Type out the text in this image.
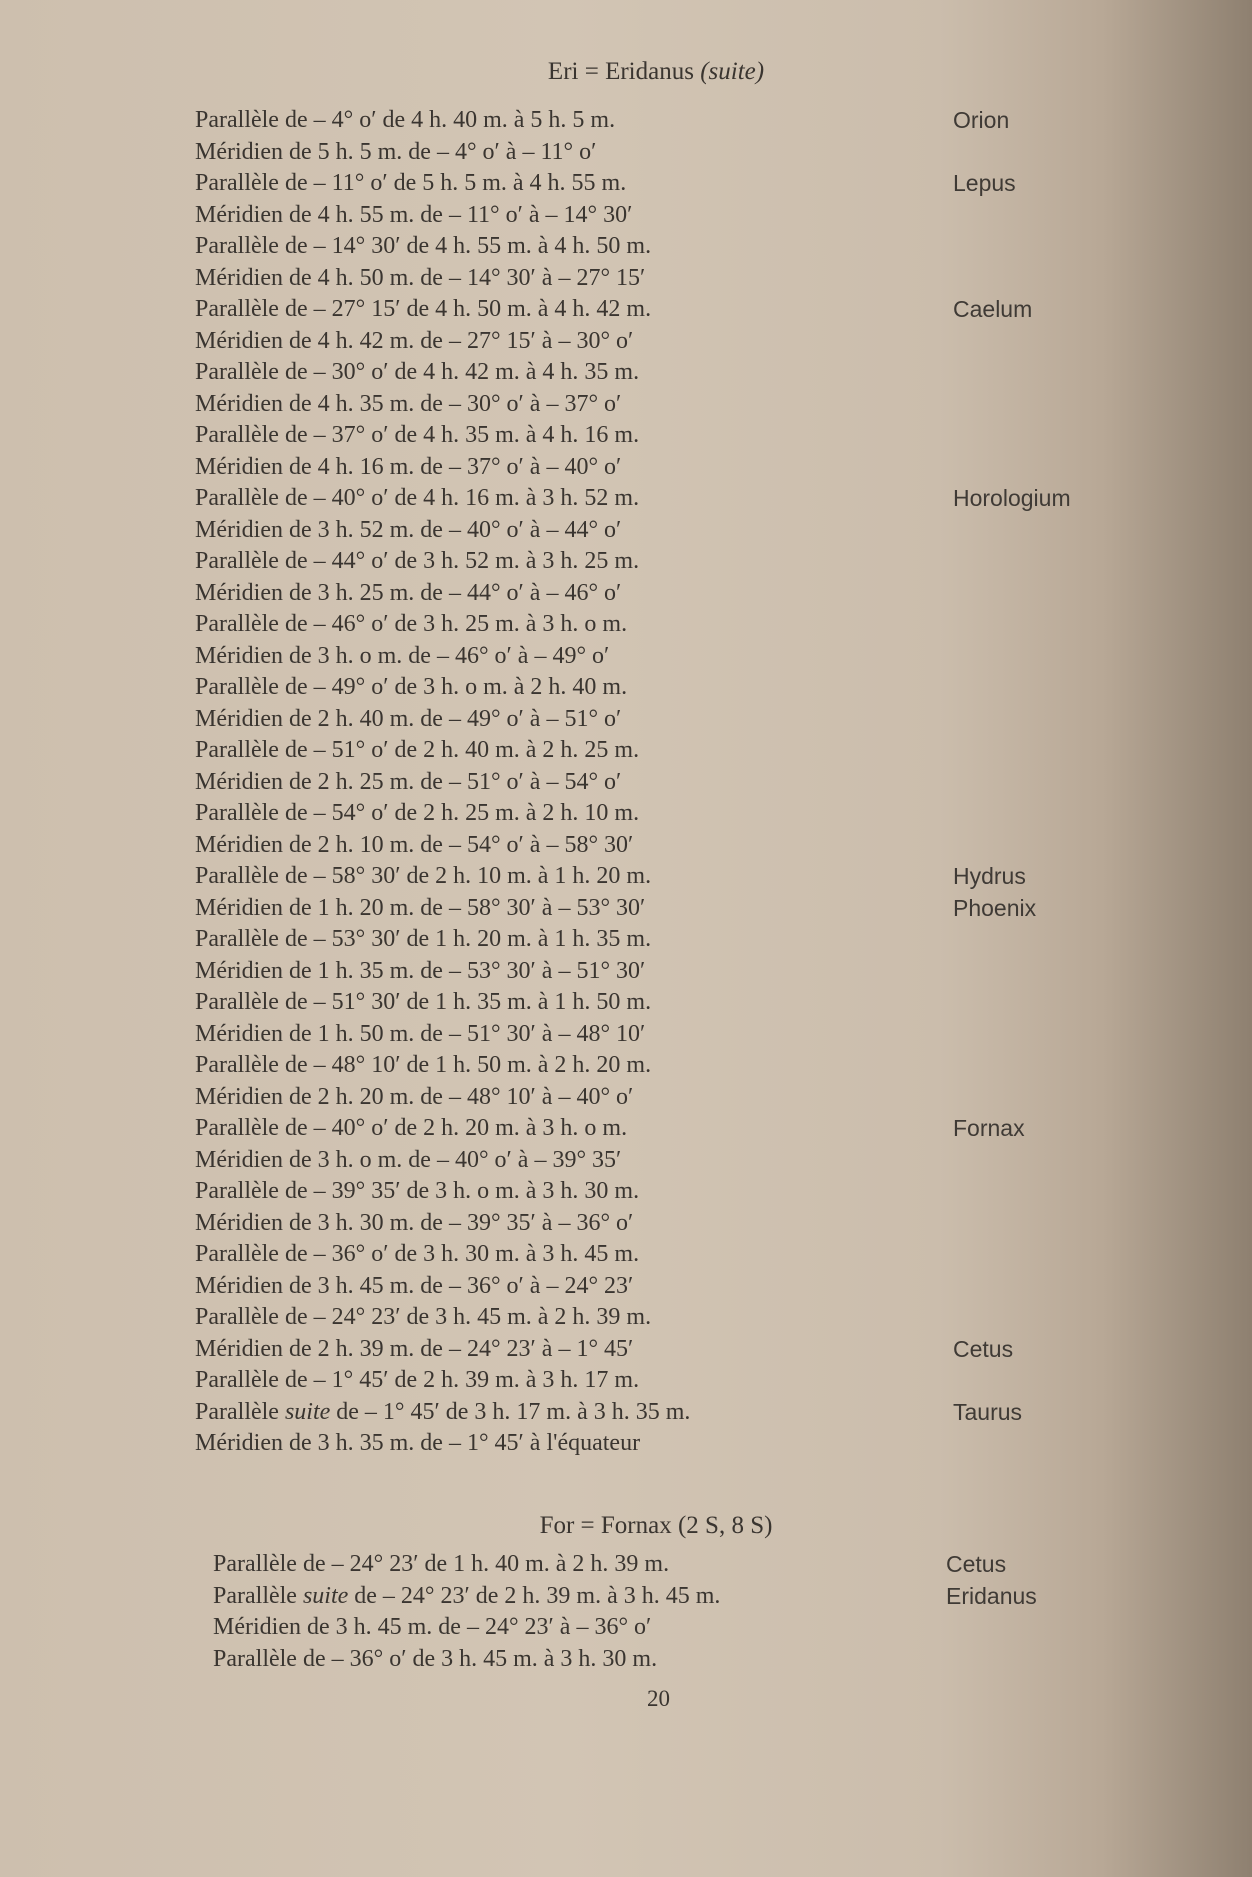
Eri = Eridanus (suite)
Parallèle de – 4° o′ de 4 h. 40 m. à 5 h. 5 m.	Orion
Méridien de 5 h. 5 m. de – 4° o′ à – 11° o′
Parallèle de – 11° o′ de 5 h. 5 m. à 4 h. 55 m.	Lepus
Méridien de 4 h. 55 m. de – 11° o′ à – 14° 30′
Parallèle de – 14° 30′ de 4 h. 55 m. à 4 h. 50 m.
Méridien de 4 h. 50 m. de – 14° 30′ à – 27° 15′
Parallèle de – 27° 15′ de 4 h. 50 m. à 4 h. 42 m.	Caelum
Méridien de 4 h. 42 m. de – 27° 15′ à – 30° o′
Parallèle de – 30° o′ de 4 h. 42 m. à 4 h. 35 m.
Méridien de 4 h. 35 m. de – 30° o′ à – 37° o′
Parallèle de – 37° o′ de 4 h. 35 m. à 4 h. 16 m.
Méridien de 4 h. 16 m. de – 37° o′ à – 40° o′
Parallèle de – 40° o′ de 4 h. 16 m. à 3 h. 52 m.	Horologium
Méridien de 3 h. 52 m. de – 40° o′ à – 44° o′
Parallèle de – 44° o′ de 3 h. 52 m. à 3 h. 25 m.
Méridien de 3 h. 25 m. de – 44° o′ à – 46° o′
Parallèle de – 46° o′ de 3 h. 25 m. à 3 h. o m.
Méridien de 3 h. o m. de – 46° o′ à – 49° o′
Parallèle de – 49° o′ de 3 h. o m. à 2 h. 40 m.
Méridien de 2 h. 40 m. de – 49° o′ à – 51° o′
Parallèle de – 51° o′ de 2 h. 40 m. à 2 h. 25 m.
Méridien de 2 h. 25 m. de – 51° o′ à – 54° o′
Parallèle de – 54° o′ de 2 h. 25 m. à 2 h. 10 m.
Méridien de 2 h. 10 m. de – 54° o′ à – 58° 30′
Parallèle de – 58° 30′ de 2 h. 10 m. à 1 h. 20 m.	Hydrus
Méridien de 1 h. 20 m. de – 58° 30′ à – 53° 30′	Phoenix
Parallèle de – 53° 30′ de 1 h. 20 m. à 1 h. 35 m.
Méridien de 1 h. 35 m. de – 53° 30′ à – 51° 30′
Parallèle de – 51° 30′ de 1 h. 35 m. à 1 h. 50 m.
Méridien de 1 h. 50 m. de – 51° 30′ à – 48° 10′
Parallèle de – 48° 10′ de 1 h. 50 m. à 2 h. 20 m.
Méridien de 2 h. 20 m. de – 48° 10′ à – 40° o′
Parallèle de – 40° o′ de 2 h. 20 m. à 3 h. o m.	Fornax
Méridien de 3 h. o m. de – 40° o′ à – 39° 35′
Parallèle de – 39° 35′ de 3 h. o m. à 3 h. 30 m.
Méridien de 3 h. 30 m. de – 39° 35′ à – 36° o′
Parallèle de – 36° o′ de 3 h. 30 m. à 3 h. 45 m.
Méridien de 3 h. 45 m. de – 36° o′ à – 24° 23′
Parallèle de – 24° 23′ de 3 h. 45 m. à 2 h. 39 m.
Méridien de 2 h. 39 m. de – 24° 23′ à – 1° 45′	Cetus
Parallèle de – 1° 45′ de 2 h. 39 m. à 3 h. 17 m.
Parallèle suite de – 1° 45′ de 3 h. 17 m. à 3 h. 35 m.	Taurus
Méridien de 3 h. 35 m. de – 1° 45′ à l'équateur
For = Fornax (2 S, 8 S)
Parallèle de – 24° 23′ de 1 h. 40 m. à 2 h. 39 m.	Cetus
Parallèle suite de – 24° 23′ de 2 h. 39 m. à 3 h. 45 m.	Eridanus
Méridien de 3 h. 45 m. de – 24° 23′ à – 36° o′
Parallèle de – 36° o′ de 3 h. 45 m. à 3 h. 30 m.
20
